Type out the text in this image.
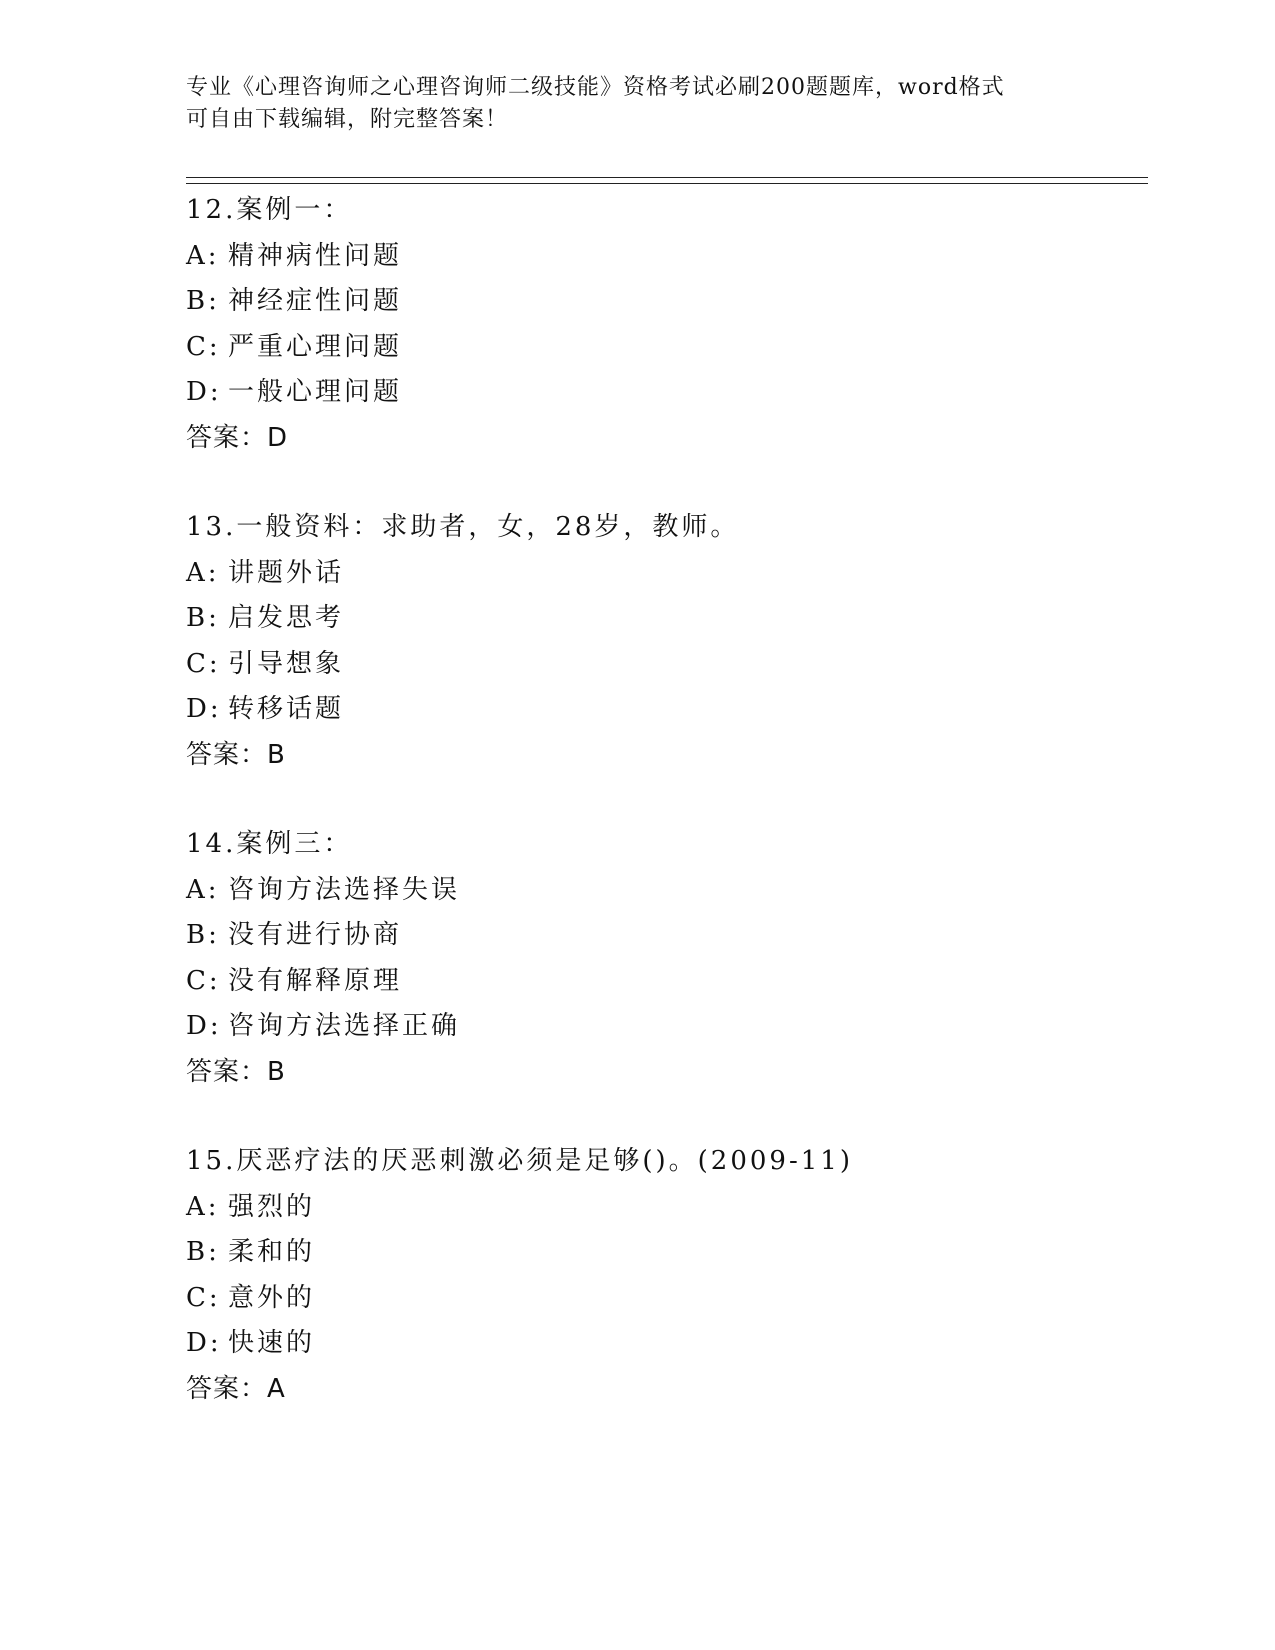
专业《心理咨询师之心理咨询师二级技能》资格考试必刷200题题库，word格式
可自由下载编辑，附完整答案！
12.案例一：
A: 精神病性问题
B: 神经症性问题
C: 严重心理问题
D: 一般心理问题
答案：D
13.一般资料：求助者，女，28岁，教师。
A: 讲题外话
B: 启发思考
C: 引导想象
D: 转移话题
答案：B
14.案例三：
A: 咨询方法选择失误
B: 没有进行协商
C: 没有解释原理
D: 咨询方法选择正确
答案：B
15.厌恶疗法的厌恶刺激必须是足够()。(2009-11)
A: 强烈的
B: 柔和的
C: 意外的
D: 快速的
答案：A
